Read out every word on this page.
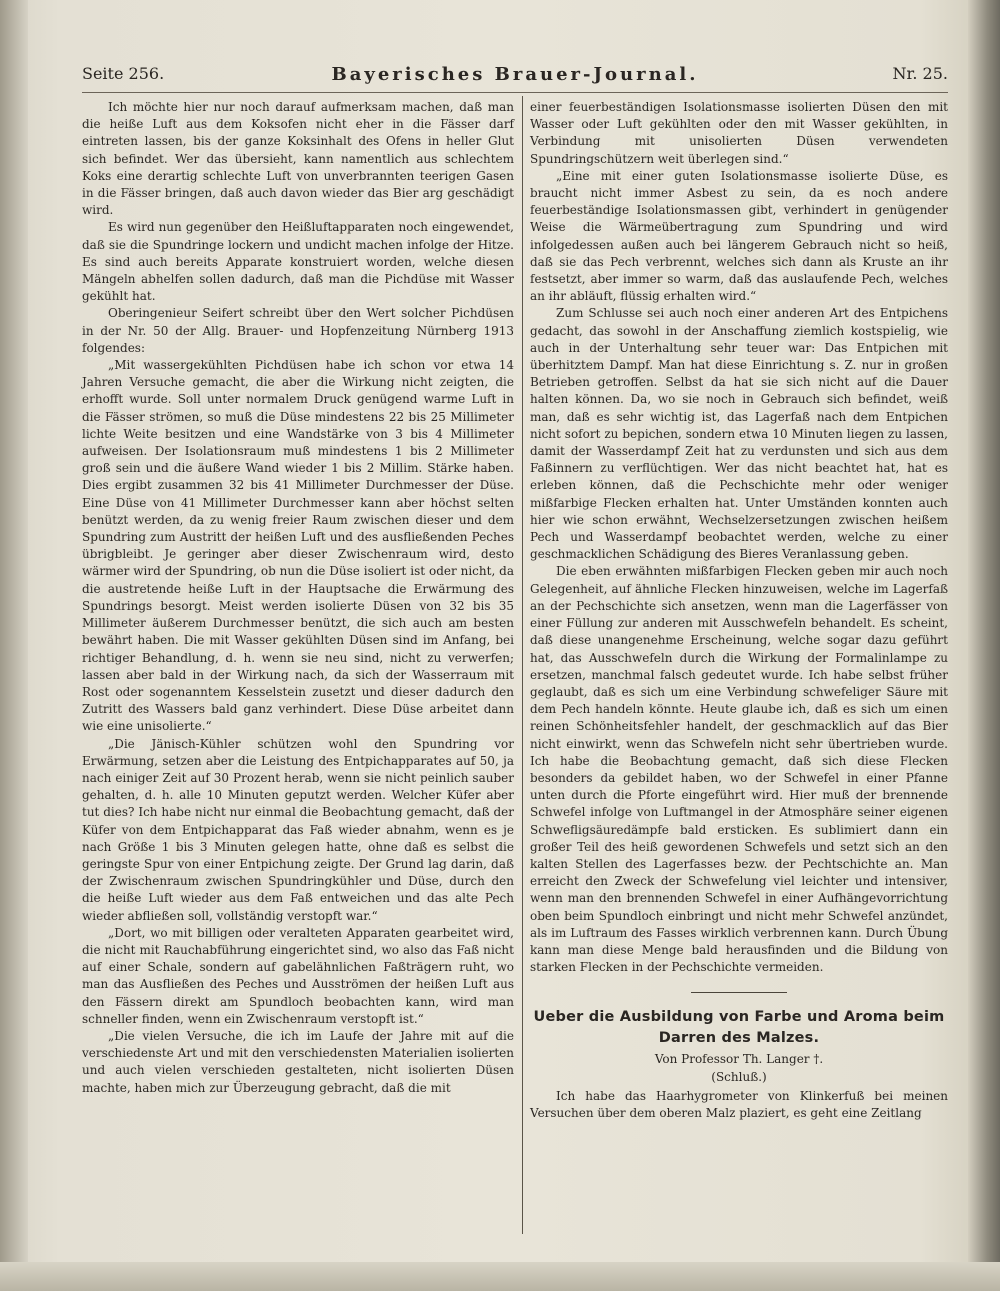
Seite 256.	Bayerisches Brauer-Journal.	Nr. 25.

Ich möchte hier nur noch darauf aufmerksam machen, daß man die heiße Luft aus dem Koksofen nicht eher in die Fässer darf eintreten lassen, bis der ganze Koksinhalt des Ofens in heller Glut sich befindet. Wer das übersieht, kann namentlich aus schlechtem Koks eine derartig schlechte Luft von unverbrannten teerigen Gasen in die Fässer bringen, daß auch davon wieder das Bier arg geschädigt wird.

Es wird nun gegenüber den Heißluftapparaten noch eingewendet, daß sie die Spundringe lockern und undicht machen infolge der Hitze. Es sind auch bereits Apparate konstruiert worden, welche diesen Mängeln abhelfen sollen dadurch, daß man die Pichdüse mit Wasser gekühlt hat.

Oberingenieur Seifert schreibt über den Wert solcher Pichdüsen in der Nr. 50 der Allg. Brauer- und Hopfenzeitung Nürnberg 1913 folgendes:

„Mit wassergekühlten Pichdüsen habe ich schon vor etwa 14 Jahren Versuche gemacht, die aber die Wirkung nicht zeigten, die erhofft wurde. Soll unter normalem Druck genügend warme Luft in die Fässer strömen, so muß die Düse mindestens 22 bis 25 Millimeter lichte Weite besitzen und eine Wandstärke von 3 bis 4 Millimeter aufweisen. Der Isolationsraum muß mindestens 1 bis 2 Millimeter groß sein und die äußere Wand wieder 1 bis 2 Millim. Stärke haben. Dies ergibt zusammen 32 bis 41 Millimeter Durchmesser der Düse. Eine Düse von 41 Millimeter Durchmesser kann aber höchst selten benützt werden, da zu wenig freier Raum zwischen dieser und dem Spundring zum Austritt der heißen Luft und des ausfließenden Peches übrigbleibt. Je geringer aber dieser Zwischenraum wird, desto wärmer wird der Spundring, ob nun die Düse isoliert ist oder nicht, da die austretende heiße Luft in der Hauptsache die Erwärmung des Spundrings besorgt. Meist werden isolierte Düsen von 32 bis 35 Millimeter äußerem Durchmesser benützt, die sich auch am besten bewährt haben. Die mit Wasser gekühlten Düsen sind im Anfang, bei richtiger Behandlung, d. h. wenn sie neu sind, nicht zu verwerfen; lassen aber bald in der Wirkung nach, da sich der Wasserraum mit Rost oder sogenanntem Kesselstein zusetzt und dieser dadurch den Zutritt des Wassers bald ganz verhindert. Diese Düse arbeitet dann wie eine unisolierte.“

„Die Jänisch-Kühler schützen wohl den Spundring vor Erwärmung, setzen aber die Leistung des Entpichapparates auf 50, ja nach einiger Zeit auf 30 Prozent herab, wenn sie nicht peinlich sauber gehalten, d. h. alle 10 Minuten geputzt werden. Welcher Küfer aber tut dies? Ich habe nicht nur einmal die Beobachtung gemacht, daß der Küfer von dem Entpichapparat das Faß wieder abnahm, wenn es je nach Größe 1 bis 3 Minuten gelegen hatte, ohne daß es selbst die geringste Spur von einer Entpichung zeigte. Der Grund lag darin, daß der Zwischenraum zwischen Spundringkühler und Düse, durch den die heiße Luft wieder aus dem Faß entweichen und das alte Pech wieder abfließen soll, vollständig verstopft war.“

„Dort, wo mit billigen oder veralteten Apparaten gearbeitet wird, die nicht mit Rauchabführung eingerichtet sind, wo also das Faß nicht auf einer Schale, sondern auf gabelähnlichen Faßträgern ruht, wo man das Ausfließen des Peches und Ausströmen der heißen Luft aus den Fässern direkt am Spundloch beobachten kann, wird man schneller finden, wenn ein Zwischenraum verstopft ist.“

„Die vielen Versuche, die ich im Laufe der Jahre mit auf die verschiedenste Art und mit den verschiedensten Materialien isolierten und auch vielen verschieden gestalteten, nicht isolierten Düsen machte, haben mich zur Überzeugung gebracht, daß die mit

einer feuerbeständigen Isolationsmasse isolierten Düsen den mit Wasser oder Luft gekühlten oder den mit Wasser gekühlten, in Verbindung mit unisolierten Düsen verwendeten Spundringschützern weit überlegen sind.“

„Eine mit einer guten Isolationsmasse isolierte Düse, es braucht nicht immer Asbest zu sein, da es noch andere feuerbeständige Isolationsmassen gibt, verhindert in genügender Weise die Wärmeübertragung zum Spundring und wird infolgedessen außen auch bei längerem Gebrauch nicht so heiß, daß sie das Pech verbrennt, welches sich dann als Kruste an ihr festsetzt, aber immer so warm, daß das auslaufende Pech, welches an ihr abläuft, flüssig erhalten wird.“

Zum Schlusse sei auch noch einer anderen Art des Entpichens gedacht, das sowohl in der Anschaffung ziemlich kostspielig, wie auch in der Unterhaltung sehr teuer war: Das Entpichen mit überhitztem Dampf. Man hat diese Einrichtung s. Z. nur in großen Betrieben getroffen. Selbst da hat sie sich nicht auf die Dauer halten können. Da, wo sie noch in Gebrauch sich befindet, weiß man, daß es sehr wichtig ist, das Lagerfaß nach dem Entpichen nicht sofort zu bepichen, sondern etwa 10 Minuten liegen zu lassen, damit der Wasserdampf Zeit hat zu verdunsten und sich aus dem Faßinnern zu verflüchtigen. Wer das nicht beachtet hat, hat es erleben können, daß die Pechschichte mehr oder weniger mißfarbige Flecken erhalten hat. Unter Umständen konnten auch hier wie schon erwähnt, Wechselzersetzungen zwischen heißem Pech und Wasserdampf beobachtet werden, welche zu einer geschmacklichen Schädigung des Bieres Veranlassung geben.

Die eben erwähnten mißfarbigen Flecken geben mir auch noch Gelegenheit, auf ähnliche Flecken hinzuweisen, welche im Lagerfaß an der Pechschichte sich ansetzen, wenn man die Lagerfässer von einer Füllung zur anderen mit Ausschwefeln behandelt. Es scheint, daß diese unangenehme Erscheinung, welche sogar dazu geführt hat, das Ausschwefeln durch die Wirkung der Formalinlampe zu ersetzen, manchmal falsch gedeutet wurde. Ich habe selbst früher geglaubt, daß es sich um eine Verbindung schwefeliger Säure mit dem Pech handeln könnte. Heute glaube ich, daß es sich um einen reinen Schönheitsfehler handelt, der geschmacklich auf das Bier nicht einwirkt, wenn das Schwefeln nicht sehr übertrieben wurde. Ich habe die Beobachtung gemacht, daß sich diese Flecken besonders da gebildet haben, wo der Schwefel in einer Pfanne unten durch die Pforte eingeführt wird. Hier muß der brennende Schwefel infolge von Luftmangel in der Atmosphäre seiner eigenen Schwefligsäuredämpfe bald ersticken. Es sublimiert dann ein großer Teil des heiß gewordenen Schwefels und setzt sich an den kalten Stellen des Lagerfasses bezw. der Pechtschichte an. Man erreicht den Zweck der Schwefelung viel leichter und intensiver, wenn man den brennenden Schwefel in einer Aufhängevorrichtung oben beim Spundloch einbringt und nicht mehr Schwefel anzündet, als im Luftraum des Fasses wirklich verbrennen kann. Durch Übung kann man diese Menge bald herausfinden und die Bildung von starken Flecken in der Pechschichte vermeiden.

Ueber die Ausbildung von Farbe und Aroma beim Darren des Malzes.
Von Professor Th. Langer †.
(Schluß.)

Ich habe das Haarhygrometer von Klinkerfuß bei meinen Versuchen über dem oberen Malz plaziert, es geht eine Zeitlang
